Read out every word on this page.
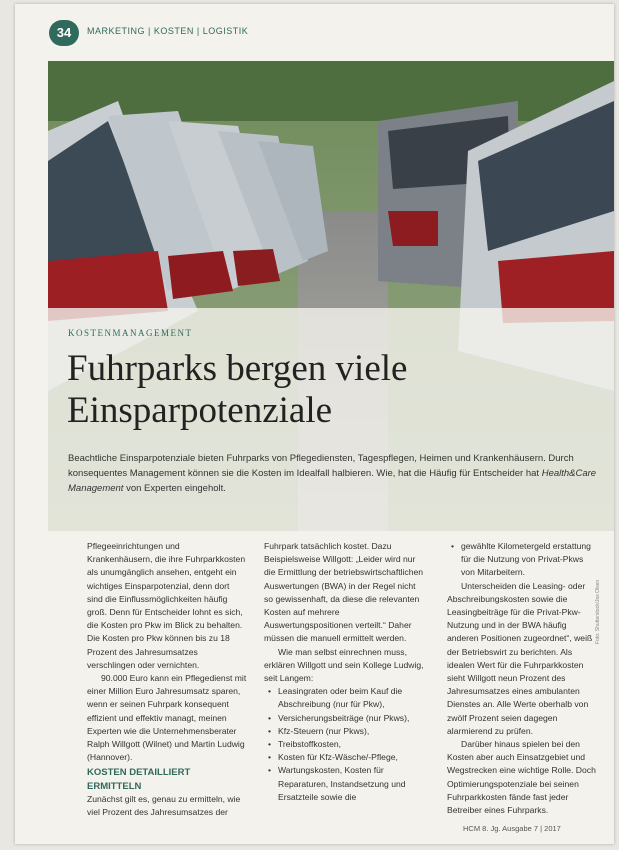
34	MARKETING | KOSTEN | LOGISTIK
KOSTENMANAGEMENT
Fuhrparks bergen viele
Einsparpotenziale
Beachtliche Einsparpotenziale bieten Fuhrparks von Pflegediensten, Tagespflegen, Heimen und Krankenhäusern. Durch konsequentes Management können sie die Kosten im Idealfall halbieren. Wie, hat die Häufig für Entscheider hat Health&Care Management von Experten eingeholt.

Pflegeeinrichtungen und Krankenhäusern, die ihre Fuhrparkkosten als unumgänglich ansehen, entgeht ein wichtiges Einsparpotenzial, denn dort sind die Einflussmöglichkeiten häufig groß. Denn für Entscheider lohnt es sich, die Kosten pro Pkw im Blick zu behalten. Die Kosten pro Pkw können bis zu 18 Prozent des Jahresumsatzes verschlingen oder vernichten.

90.000 Euro kann ein Pflegedienst mit einer Million Euro Jahresumsatz sparen, wenn er seinen Fuhrpark konsequent effizient und effektiv managt, meinen Experten wie die Unternehmensberater Ralph Willgott (Wilnet) und Martin Ludwig (Hannover).

KOSTEN DETAILLIERT ERMITTELN

Zunächst gilt es, genau zu ermitteln, wie viel Prozent des Jahresumsatzes der

Fuhrpark tatsächlich kostet. Dazu Beispielsweise Willgott: „Leider wird nur die Ermittlung der betriebswirtschaftlichen Auswertungen (BWA) in der Regel nicht so gewissenhaft, da diese die relevanten Kosten auf mehrere Auswertungspositionen verteilt.“ Daher müssen die manuell ermittelt werden.

Wie man selbst einrechnen muss, erklären Willgott und sein Kollege Ludwig, seit Langem:

• Leasingraten oder beim Kauf die Abschreibung (nur für Pkw),
• Versicherungsbeiträge (nur Pkws),
• Kfz-Steuern (nur Pkws),
• Treibstoffkosten,
• Kosten für Kfz-Wäsche/-Pflege,
• Wartungskosten, Kosten für Reparaturen, Instandsetzung und Ersatzteile sowie die
• gewählte Kilometergeld erstattung für die Nutzung von Privat-Pkws von Mitarbeitern.

Unterscheiden die Leasing- oder Abschreibungskosten sowie die Leasingbeiträge für die Privat-Pkw-Nutzung und in der BWA häufig anderen Positionen zugeordnet“, weiß der Betriebswirt zu berichten. Als idealen Wert für die Fuhrparkkosten sieht Willgott neun Prozent des Jahresumsatzes eines ambulanten Dienstes an. Alle Werte oberhalb von zwölf Prozent seien dagegen alarmierend zu prüfen.

Darüber hinaus spielen bei den Kosten aber auch Einsatzgebiet und Wegstrecken eine wichtige Rolle. Doch Optimierungspotenziale bei seinen Fuhrparkkosten fände fast jeder Betreiber eines Fuhrparks.

Foto: Shutterstock/Jos Olsen
HCM 8. Jg. Ausgabe 7 | 2017
